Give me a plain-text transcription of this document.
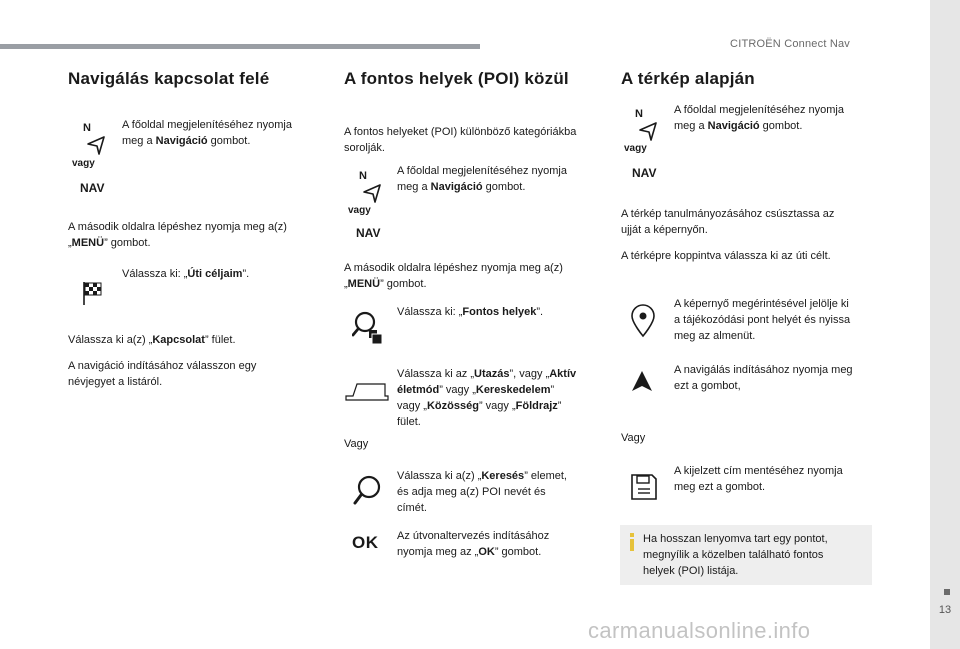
CITROËN Connect Nav
13
carmanualsonline.info
Navigálás kapcsolat felé
N
vagy
NAV
A főoldal megjelenítéséhez nyomja
meg a Navigáció gombot.
A második oldalra lépéshez nyomja meg a(z)
„MENÜ” gombot.
Válassza ki: „Úti céljaim”.
Válassza ki a(z) „Kapcsolat” fület.
A navigáció indításához válasszon egy
névjegyet a listáról.
A fontos helyek (POI) közül
A fontos helyeket (POI) különböző kategóriákba
sorolják.
N
vagy
NAV
A főoldal megjelenítéséhez nyomja
meg a Navigáció gombot.
A második oldalra lépéshez nyomja meg a(z)
„MENÜ” gombot.
Válassza ki: „Fontos helyek”.
Válassza ki az „Utazás”, vagy „Aktív
életmód” vagy „Kereskedelem”
vagy „Közösség” vagy „Földrajz”
fület.
Vagy
Válassza ki a(z) „Keresés” elemet,
és adja meg a(z) POI nevét és
címét.
OK Az útvonaltervezés indításához
nyomja meg az „OK” gombot.
A térkép alapján
N
vagy
NAV
A főoldal megjelenítéséhez nyomja
meg a Navigáció gombot.
A térkép tanulmányozásához csúsztassa az
ujját a képernyőn.
A térképre koppintva válassza ki az úti célt.
A képernyő megérintésével jelölje ki
a tájékozódási pont helyét és nyissa
meg az almenüt.
A navigálás indításához nyomja meg
ezt a gombot,
Vagy
A kijelzett cím mentéséhez nyomja
meg ezt a gombot.
Ha hosszan lenyomva tart egy pontot,
megnyílik a közelben található fontos
helyek (POI) listája.
